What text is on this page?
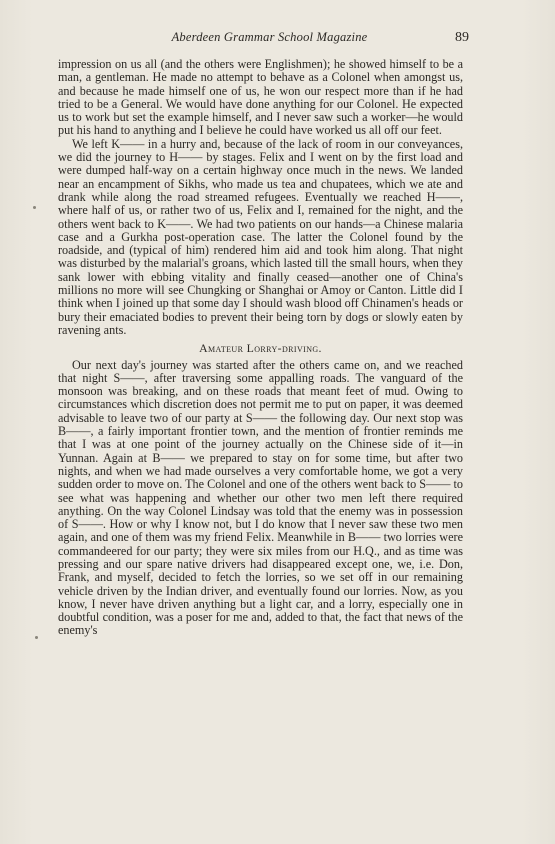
Aberdeen Grammar School Magazine	89

impression on us all (and the others were Englishmen); he showed himself to be a man, a gentleman. He made no attempt to behave as a Colonel when amongst us, and because he made himself one of us, he won our respect more than if he had tried to be a General. We would have done anything for our Colonel. He expected us to work but set the example himself, and I never saw such a worker—he would put his hand to anything and I believe he could have worked us all off our feet.

We left K—— in a hurry and, because of the lack of room in our conveyances, we did the journey to H—— by stages. Felix and I went on by the first load and were dumped half-way on a certain highway once much in the news. We landed near an encampment of Sikhs, who made us tea and chupatees, which we ate and drank while along the road streamed refugees. Eventually we reached H——, where half of us, or rather two of us, Felix and I, remained for the night, and the others went back to K——. We had two patients on our hands—a Chinese malaria case and a Gurkha post-operation case. The latter the Colonel found by the roadside, and (typical of him) rendered him aid and took him along. That night was disturbed by the malarial's groans, which lasted till the small hours, when they sank lower with ebbing vitality and finally ceased—another one of China's millions no more will see Chungking or Shanghai or Amoy or Canton. Little did I think when I joined up that some day I should wash blood off Chinamen's heads or bury their emaciated bodies to prevent their being torn by dogs or slowly eaten by ravening ants.

Amateur Lorry-driving.

Our next day's journey was started after the others came on, and we reached that night S——, after traversing some appalling roads. The vanguard of the monsoon was breaking, and on these roads that meant feet of mud. Owing to circumstances which discretion does not permit me to put on paper, it was deemed advisable to leave two of our party at S—— the following day. Our next stop was B——, a fairly important frontier town, and the mention of frontier reminds me that I was at one point of the journey actually on the Chinese side of it—in Yunnan. Again at B—— we prepared to stay on for some time, but after two nights, and when we had made ourselves a very comfortable home, we got a very sudden order to move on. The Colonel and one of the others went back to S—— to see what was happening and whether our other two men left there required anything. On the way Colonel Lindsay was told that the enemy was in possession of S——. How or why I know not, but I do know that I never saw these two men again, and one of them was my friend Felix. Meanwhile in B—— two lorries were commandeered for our party; they were six miles from our H.Q., and as time was pressing and our spare native drivers had disappeared except one, we, i.e. Don, Frank, and myself, decided to fetch the lorries, so we set off in our remaining vehicle driven by the Indian driver, and eventually found our lorries. Now, as you know, I never have driven anything but a light car, and a lorry, especially one in doubtful condition, was a poser for me and, added to that, the fact that news of the enemy's
